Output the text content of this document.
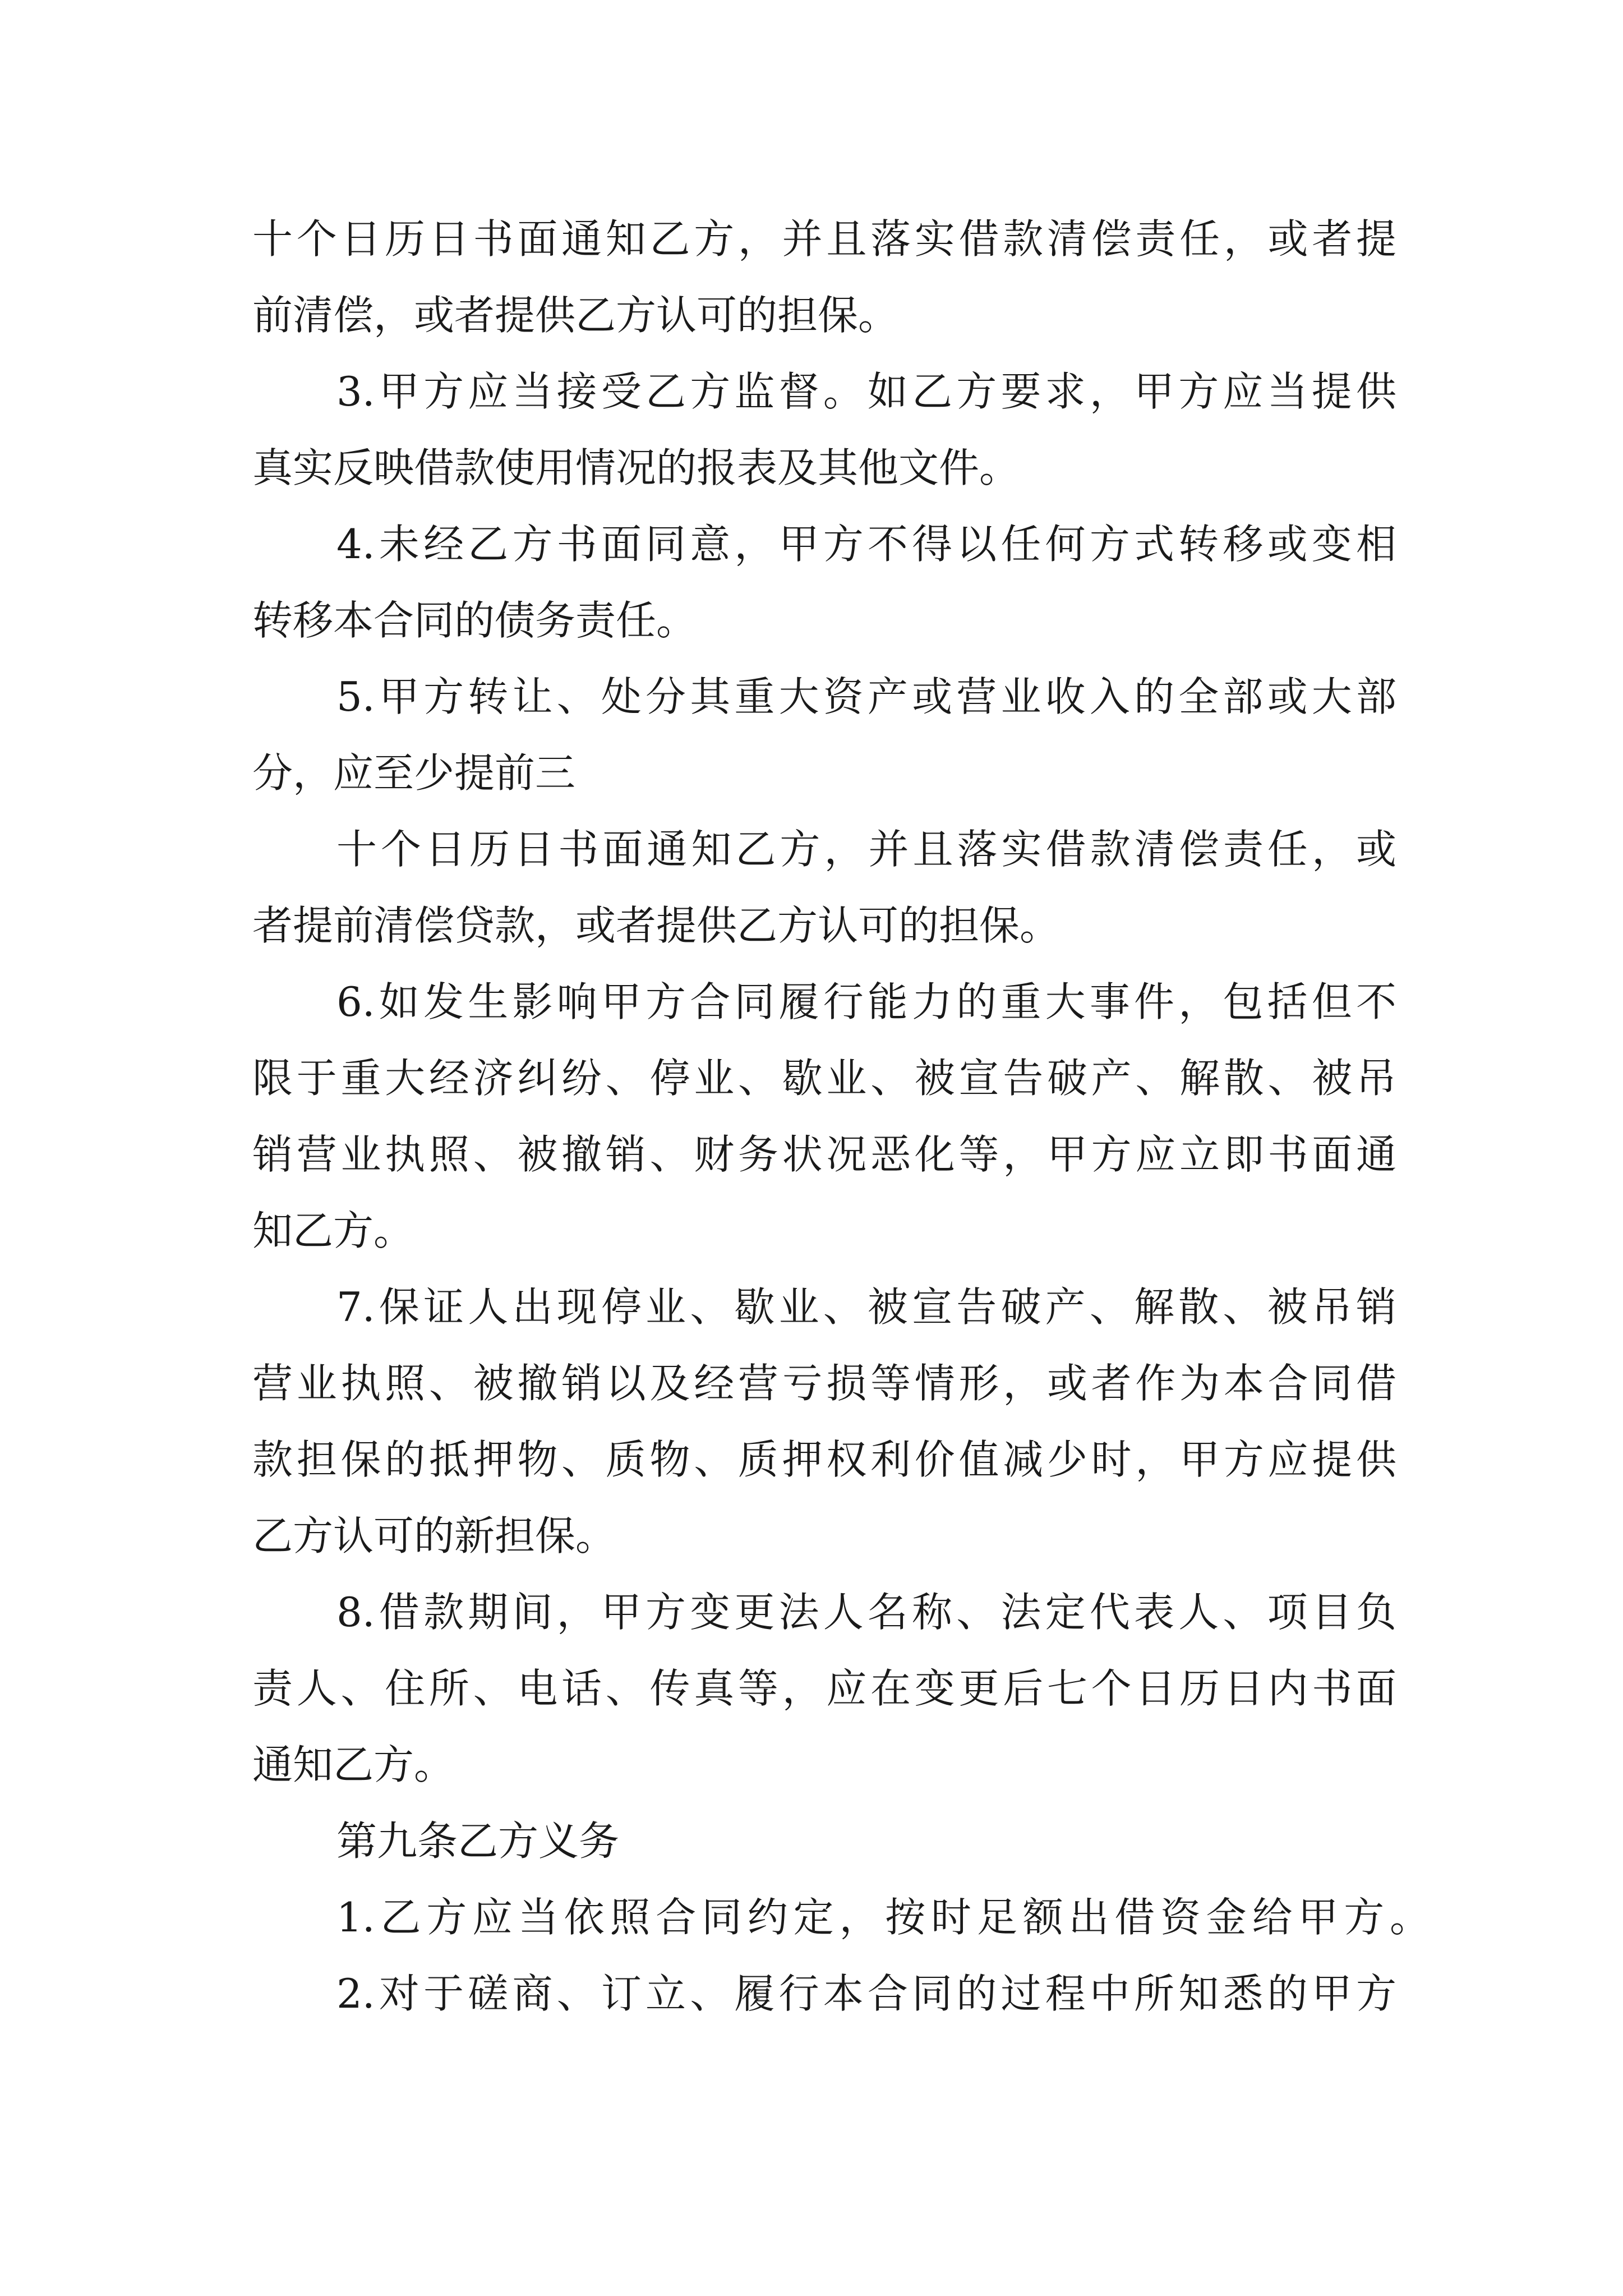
十个日历日书面通知乙方，并且落实借款清偿责任，或者提
前清偿，或者提供乙方认可的担保。
3.甲方应当接受乙方监督。如乙方要求，甲方应当提供
真实反映借款使用情况的报表及其他文件。
4.未经乙方书面同意，甲方不得以任何方式转移或变相
转移本合同的债务责任。
5.甲方转让、处分其重大资产或营业收入的全部或大部
分，应至少提前三
十个日历日书面通知乙方，并且落实借款清偿责任，或
者提前清偿贷款，或者提供乙方认可的担保。
6.如发生影响甲方合同履行能力的重大事件，包括但不
限于重大经济纠纷、停业、歇业、被宣告破产、解散、被吊
销营业执照、被撤销、财务状况恶化等，甲方应立即书面通
知乙方。
7.保证人出现停业、歇业、被宣告破产、解散、被吊销
营业执照、被撤销以及经营亏损等情形，或者作为本合同借
款担保的抵押物、质物、质押权利价值减少时，甲方应提供
乙方认可的新担保。
8.借款期间，甲方变更法人名称、法定代表人、项目负
责人、住所、电话、传真等，应在变更后七个日历日内书面
通知乙方。
第九条乙方义务
1.乙方应当依照合同约定，按时足额出借资金给甲方。
2.对于磋商、订立、履行本合同的过程中所知悉的甲方
